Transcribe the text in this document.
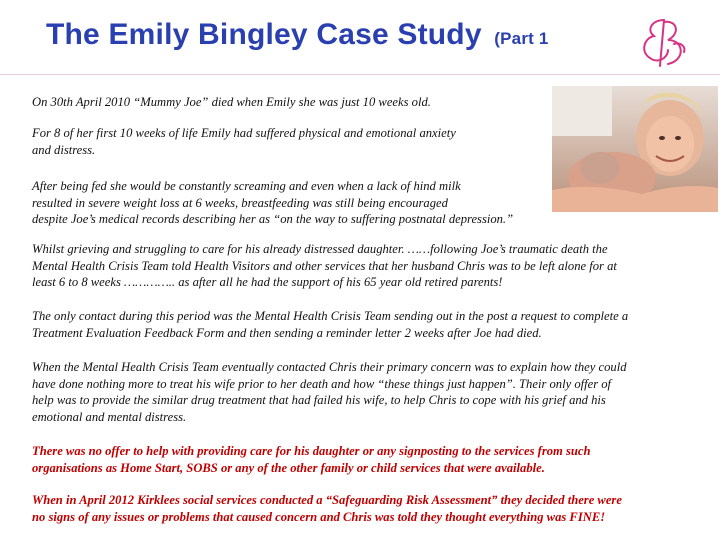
The Emily Bingley Case Study (Part 1

On 30th April 2010 “Mummy Joe” died when Emily she was just 10 weeks old.

For 8 of her first 10 weeks of life Emily had suffered physical and emotional anxiety
and distress.

After being fed she would be constantly screaming and even when a lack of hind milk
resulted in severe weight loss at 6 weeks, breastfeeding was still being encouraged
despite Joe’s medical records describing her as “on the way to suffering postnatal depression.”

Whilst grieving and struggling to care for his already distressed daughter. ……following Joe’s traumatic death the
Mental Health Crisis Team told Health Visitors and other services that her husband Chris was to be left alone for at
least 6 to 8 weeks ………….. as after all he had the support of his 65 year old retired parents!

The only contact during this period was the Mental Health Crisis Team sending out in the post a request to complete a
Treatment Evaluation Feedback Form and then sending a reminder letter 2 weeks after Joe had died.

When the Mental Health Crisis Team eventually contacted Chris their primary concern was to explain how they could
have done nothing more to treat his wife prior to her death and how “these things just happen”. Their only offer of
help was to provide the similar drug treatment that had failed his wife, to help Chris to cope with his grief and his
emotional and mental distress.

There was no offer to help with providing care for his daughter or any signposting to the services from such
organisations as Home Start, SOBS or any of the other family or child services that were available.

When in April 2012 Kirklees social services conducted a “Safeguarding Risk Assessment” they decided there were
no signs of any issues or problems that caused concern and Chris was told they thought everything was FINE!
